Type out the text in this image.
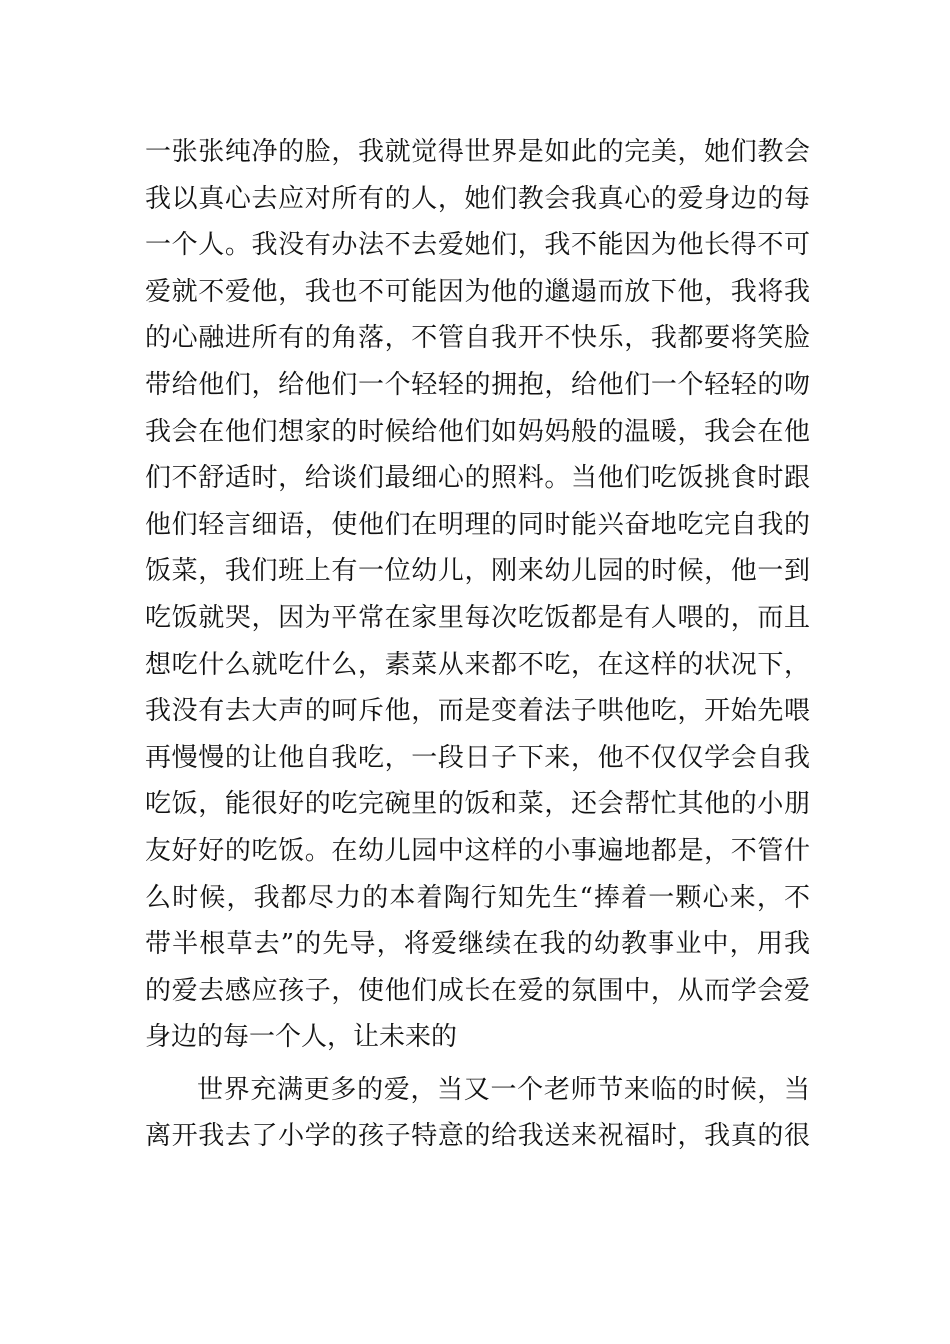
一张张纯净的脸，我就觉得世界是如此的完美，她们教会
我以真心去应对所有的人，她们教会我真心的爱身边的每
一个人。我没有办法不去爱她们，我不能因为他长得不可
爱就不爱他，我也不可能因为他的邋遢而放下他，我将我
的心融进所有的角落，不管自我开不快乐，我都要将笑脸
带给他们，给他们一个轻轻的拥抱，给他们一个轻轻的吻
我会在他们想家的时候给他们如妈妈般的温暖，我会在他
们不舒适时，给谈们最细心的照料。当他们吃饭挑食时跟
他们轻言细语，使他们在明理的同时能兴奋地吃完自我的
饭菜，我们班上有一位幼儿，刚来幼儿园的时候，他一到
吃饭就哭，因为平常在家里每次吃饭都是有人喂的，而且
想吃什么就吃什么，素菜从来都不吃，在这样的状况下，
我没有去大声的呵斥他，而是变着法子哄他吃，开始先喂
再慢慢的让他自我吃，一段日子下来，他不仅仅学会自我
吃饭，能很好的吃完碗里的饭和菜，还会帮忙其他的小朋
友好好的吃饭。在幼儿园中这样的小事遍地都是，不管什
么时候，我都尽力的本着陶行知先生“捧着一颗心来，不
带半根草去”的先导，将爱继续在我的幼教事业中，用我
的爱去感应孩子，使他们成长在爱的氛围中，从而学会爱
身边的每一个人，让未来的
世界充满更多的爱，当又一个老师节来临的时候，当
离开我去了小学的孩子特意的给我送来祝福时，我真的很
